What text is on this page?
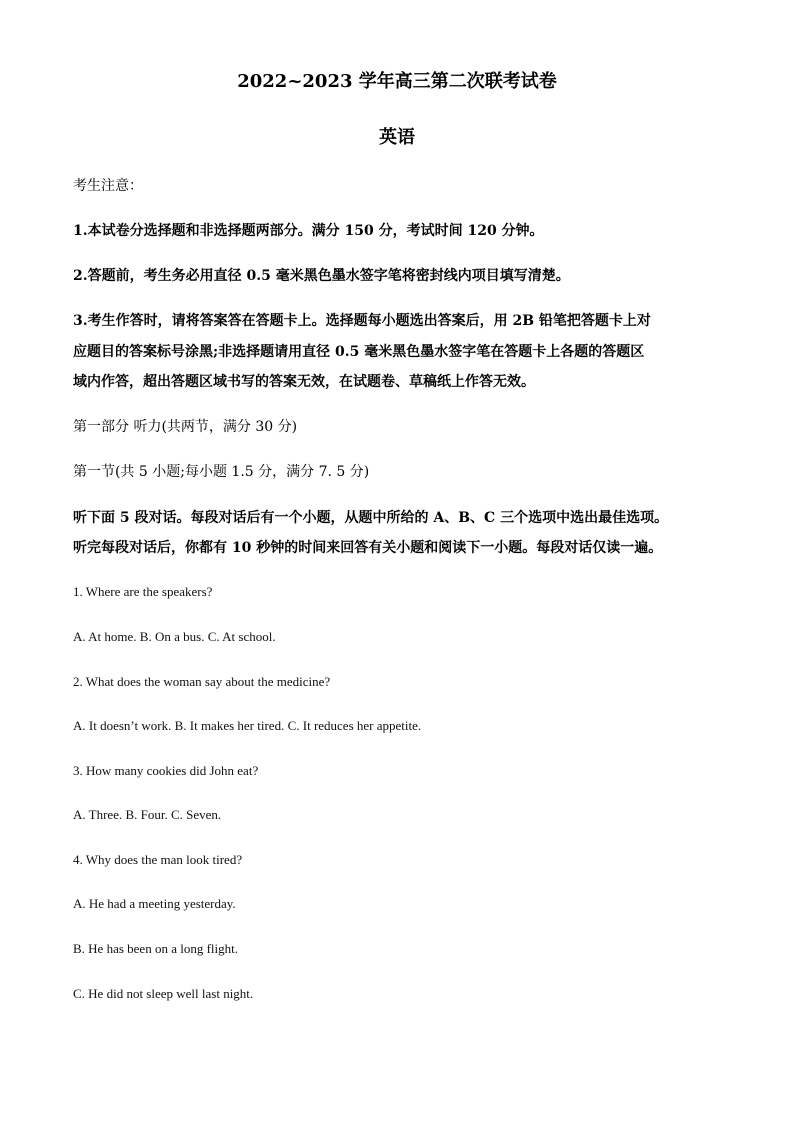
2022~2023 学年高三第二次联考试卷
英语
考生注意：
1.本试卷分选择题和非选择题两部分。满分 150 分，考试时间 120 分钟。
2.答题前，考生务必用直径 0.5 毫米黑色墨水签字笔将密封线内项目填写清楚。
3.考生作答时，请将答案答在答题卡上。选择题每小题选出答案后，用 2B 铅笔把答题卡上对
应题目的答案标号涂黑;非选择题请用直径 0.5 毫米黑色墨水签字笔在答题卡上各题的答题区
域内作答，超出答题区域书写的答案无效，在试题卷、草稿纸上作答无效。
第一部分 听力(共两节，满分 30 分)
第一节(共 5 小题;每小题 1.5 分，满分 7. 5 分)
听下面 5 段对话。每段对话后有一个小题，从题中所给的 A、B、C 三个选项中选出最佳选项。
听完每段对话后，你都有 10 秒钟的时间来回答有关小题和阅读下一小题。每段对话仅读一遍。
1. Where are the speakers?
A. At home. B. On a bus. C. At school.
2. What does the woman say about the medicine?
A. It doesn’t work. B. It makes her tired. C. It reduces her appetite.
3. How many cookies did John eat?
A. Three. B. Four. C. Seven.
4. Why does the man look tired?
A. He had a meeting yesterday.
B. He has been on a long flight.
C. He did not sleep well last night.
